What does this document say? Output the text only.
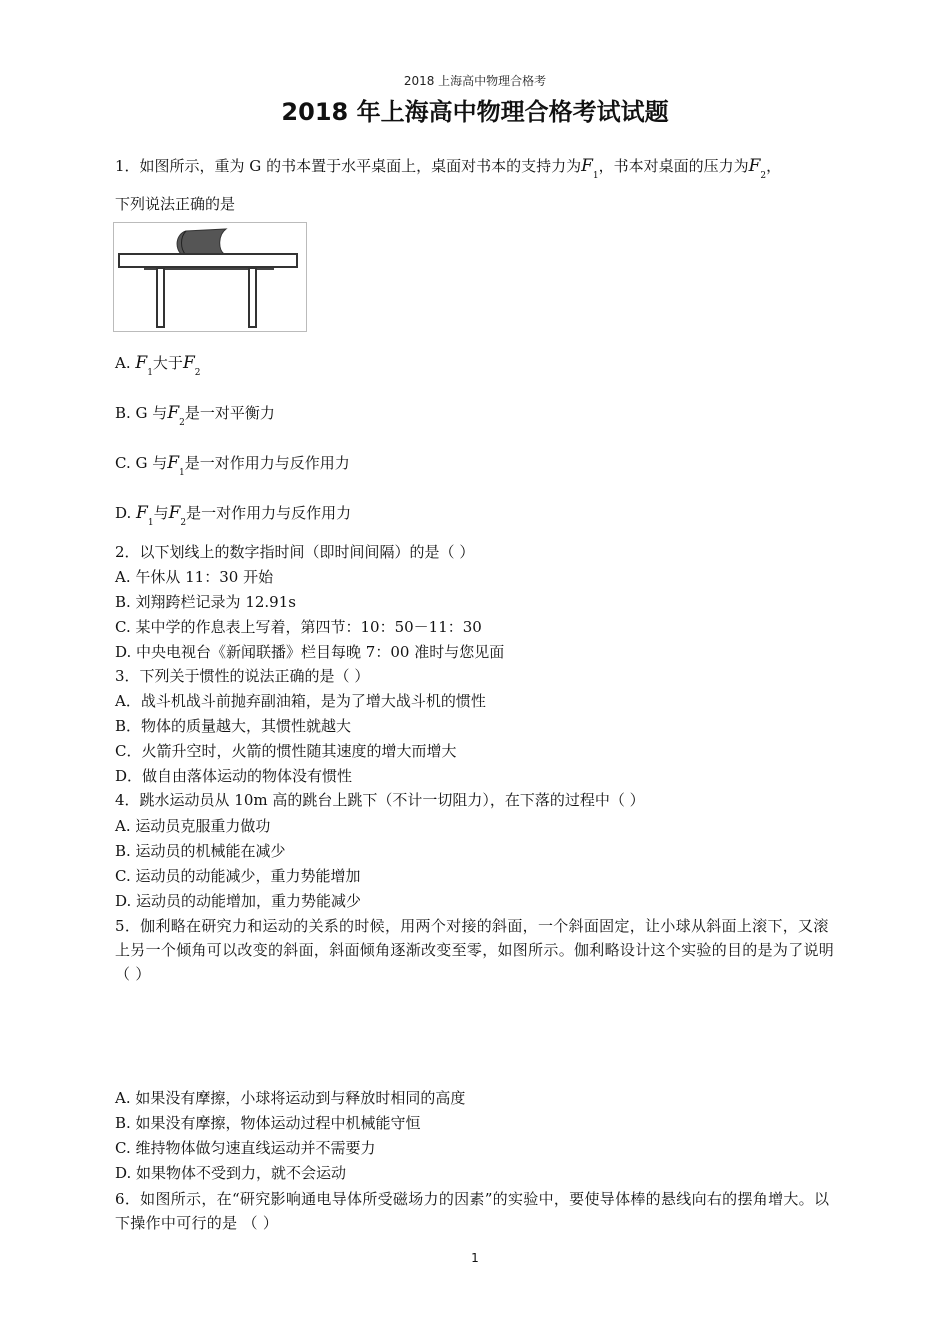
2018 上海高中物理合格考
2018 年上海高中物理合格考试试题
1．如图所示，重为 G 的书本置于水平桌面上，桌面对书本的支持力为$F_1$，书本对桌面的压力为$F_2$，
下列说法正确的是
A. $F_1$大于$F_2$
B. G 与$F_2$是一对平衡力
C. G 与$F_1$是一对作用力与反作用力
D. $F_1$与$F_2$是一对作用力与反作用力
2．以下划线上的数字指时间（即时间间隔）的是（ ）
A. 午休从 11：30 开始
B. 刘翔跨栏记录为 12.91s
C. 某中学的作息表上写着，第四节：10：50－11：30
D. 中央电视台《新闻联播》栏目每晚 7：00 准时与您见面
3．下列关于惯性的说法正确的是（ ）
A．战斗机战斗前抛弃副油箱，是为了增大战斗机的惯性
B．物体的质量越大，其惯性就越大
C．火箭升空时，火箭的惯性随其速度的增大而增大
D．做自由落体运动的物体没有惯性
4．跳水运动员从 10m 高的跳台上跳下（不计一切阻力），在下落的过程中（ ）
A. 运动员克服重力做功
B. 运动员的机械能在减少
C. 运动员的动能减少，重力势能增加
D. 运动员的动能增加，重力势能减少
5．伽利略在研究力和运动的关系的时候，用两个对接的斜面，一个斜面固定，让小球从斜面上滚下，又滚上另一个倾角可以改变的斜面，斜面倾角逐渐改变至零，如图所示。伽利略设计这个实验的目的是为了说明（ ）
A. 如果没有摩擦，小球将运动到与释放时相同的高度
B. 如果没有摩擦，物体运动过程中机械能守恒
C. 维持物体做匀速直线运动并不需要力
D. 如果物体不受到力，就不会运动
6．如图所示，在“研究影响通电导体所受磁场力的因素”的实验中，要使导体棒的悬线向右的摆角增大。以下操作中可行的是 （ ）
1
